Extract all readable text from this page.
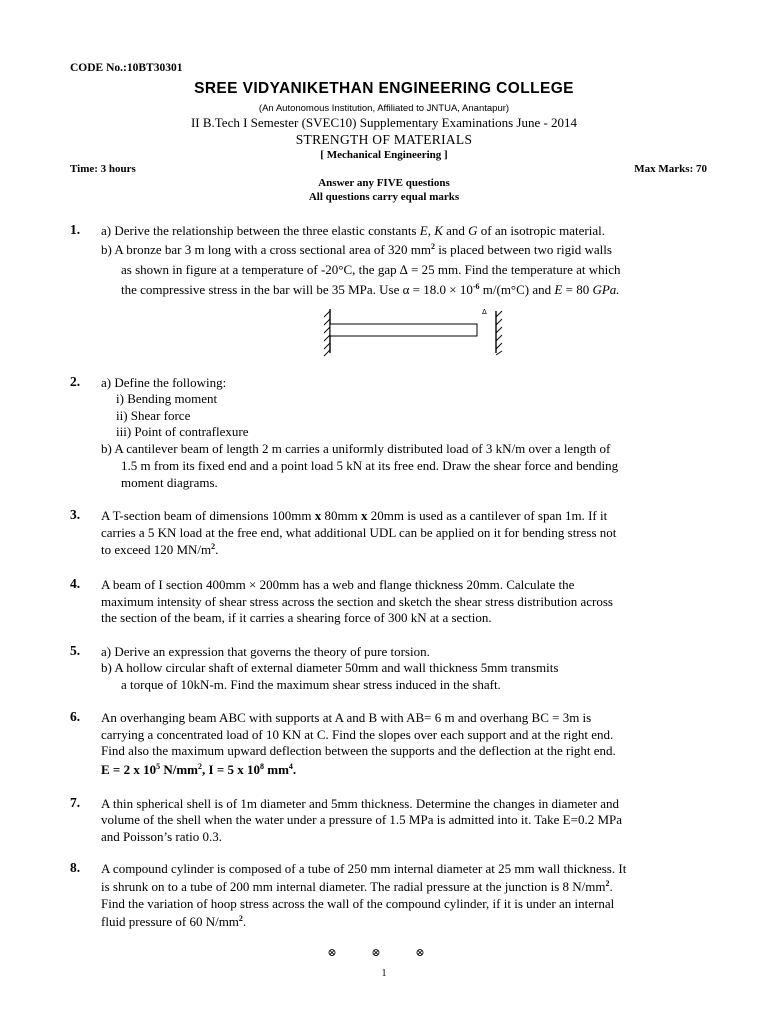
CODE No.:10BT30301
SREE VIDYANIKETHAN ENGINEERING COLLEGE
(An Autonomous Institution, Affiliated to JNTUA, Anantapur)
II B.Tech I Semester (SVEC10) Supplementary Examinations June - 2014
STRENGTH OF MATERIALS
[ Mechanical Engineering ]
Time: 3 hours	Max Marks: 70
Answer any FIVE questions
All questions carry equal marks
1. a) Derive the relationship between the three elastic constants E, K and G of an isotropic material.
b) A bronze bar 3 m long with a cross sectional area of 320 $mm^2$ is placed between two rigid walls
as shown in figure at a temperature of -20°C, the gap ∆ = 25 mm. Find the temperature at which
the compressive stress in the bar will be 35 MPa. Use $\alpha = 18.0 \times 10^{-6}$ m/(m°C) and E = 80 GPa.
Δ
2. a) Define the following:
i) Bending moment
ii) Shear force
iii) Point of contraflexure
b) A cantilever beam of length 2 m carries a uniformly distributed load of 3 kN/m over a length of
1.5 m from its fixed end and a point load 5 kN at its free end. Draw the shear force and bending
moment diagrams.
3. A T-section beam of dimensions 100mm x 80mm x 20mm is used as a cantilever of span 1m. If it
carries a 5 KN load at the free end, what additional UDL can be applied on it for bending stress not
to exceed 120 $MN/m^2$.
4. A beam of I section 400mm × 200mm has a web and flange thickness 20mm. Calculate the
maximum intensity of shear stress across the section and sketch the shear stress distribution across
the section of the beam, if it carries a shearing force of 300 kN at a section.
5. a) Derive an expression that governs the theory of pure torsion.
b) A hollow circular shaft of external diameter 50mm and wall thickness 5mm transmits
a torque of 10kN-m. Find the maximum shear stress induced in the shaft.
6. An overhanging beam ABC with supports at A and B with AB= 6 m and overhang BC = 3m is
carrying a concentrated load of 10 KN at C. Find the slopes over each support and at the right end.
Find also the maximum upward deflection between the supports and the deflection at the right end.
E = 2 x $10^5$ $N/mm^2$, I = 5 x $10^8$ $mm^4$.
7. A thin spherical shell is of 1m diameter and 5mm thickness. Determine the changes in diameter and
volume of the shell when the water under a pressure of 1.5 MPa is admitted into it. Take E=0.2 MPa
and Poisson’s ratio 0.3.
8. A compound cylinder is composed of a tube of 250 mm internal diameter at 25 mm wall thickness. It
is shrunk on to a tube of 200 mm internal diameter. The radial pressure at the junction is 8 $N/mm^2$.
Find the variation of hoop stress across the wall of the compound cylinder, if it is under an internal
fluid pressure of 60 $N/mm^2$.
⊗ ⊗ ⊗
1
